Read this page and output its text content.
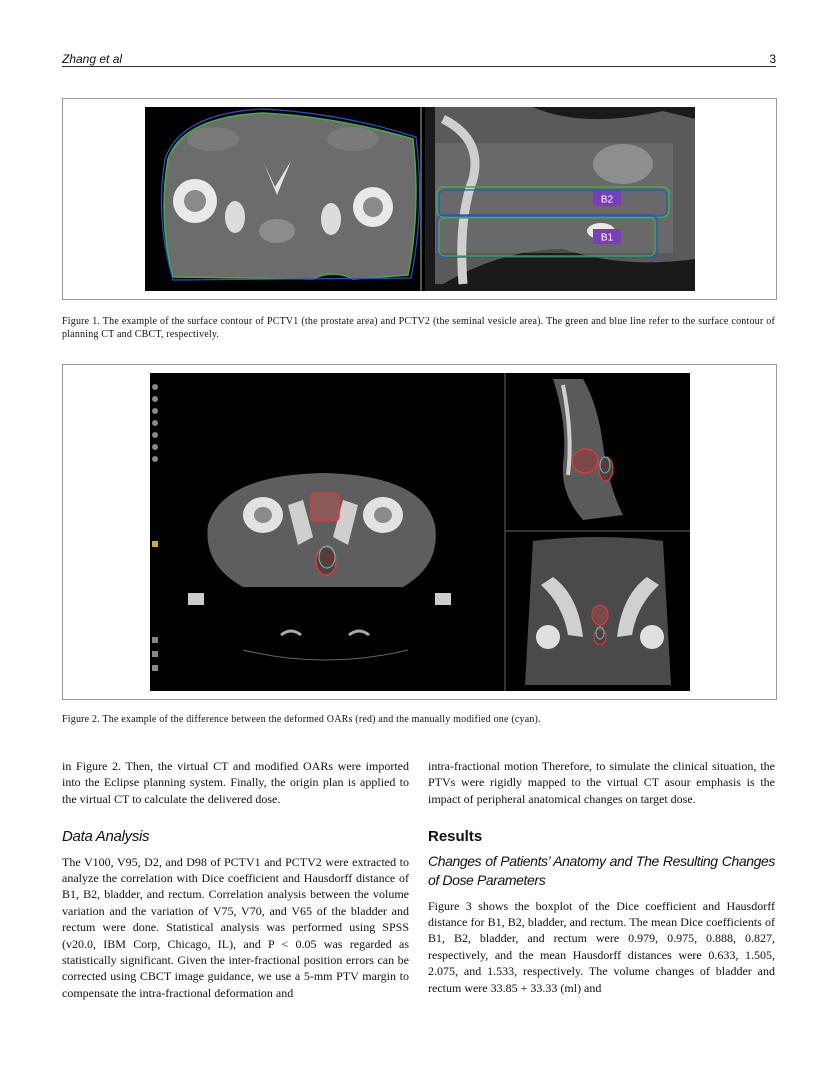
Zhang et al	3
B2
B1
Figure 1. The example of the surface contour of PCTV1 (the prostate area) and PCTV2 (the seminal vesicle area). The green and blue line refer to the surface contour of planning CT and CBCT, respectively.
Figure 2. The example of the difference between the deformed OARs (red) and the manually modified one (cyan).

in Figure 2. Then, the virtual CT and modified OARs were imported into the Eclipse planning system. Finally, the origin plan is applied to the virtual CT to calculate the delivered dose.

Data Analysis

The V100, V95, D2, and D98 of PCTV1 and PCTV2 were extracted to analyze the correlation with Dice coefficient and Hausdorff distance of B1, B2, bladder, and rectum. Correlation analysis between the volume variation and the variation of V75, V70, and V65 of the bladder and rectum were done. Statistical analysis was performed using SPSS (v20.0, IBM Corp, Chicago, IL), and P < 0.05 was regarded as statistically significant. Given the inter-fractional position errors can be corrected using CBCT image guidance, we use a 5-mm PTV margin to compensate the intra-fractional deformation and

intra-fractional motion Therefore, to simulate the clinical situation, the PTVs were rigidly mapped to the virtual CT asour emphasis is the impact of peripheral anatomical changes on target dose.

Results
Changes of Patients’ Anatomy and The Resulting Changes of Dose Parameters

Figure 3 shows the boxplot of the Dice coefficient and Hausdorff distance for B1, B2, bladder, and rectum. The mean Dice coefficients of B1, B2, bladder, and rectum were 0.979, 0.975, 0.888, 0.827, respectively, and the mean Hausdorff distances were 0.633, 1.505, 2.075, and 1.533, respectively. The volume changes of bladder and rectum were 33.85 + 33.33 (ml) and
